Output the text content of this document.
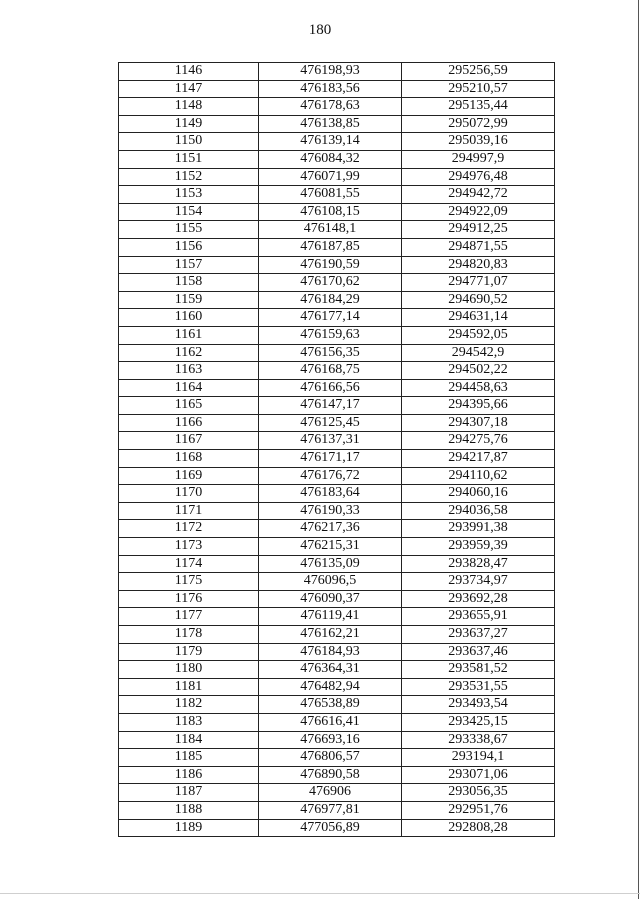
180
1146	476198,93	295256,59
1147	476183,56	295210,57
1148	476178,63	295135,44
1149	476138,85	295072,99
1150	476139,14	295039,16
1151	476084,32	294997,9
1152	476071,99	294976,48
1153	476081,55	294942,72
1154	476108,15	294922,09
1155	476148,1	294912,25
1156	476187,85	294871,55
1157	476190,59	294820,83
1158	476170,62	294771,07
1159	476184,29	294690,52
1160	476177,14	294631,14
1161	476159,63	294592,05
1162	476156,35	294542,9
1163	476168,75	294502,22
1164	476166,56	294458,63
1165	476147,17	294395,66
1166	476125,45	294307,18
1167	476137,31	294275,76
1168	476171,17	294217,87
1169	476176,72	294110,62
1170	476183,64	294060,16
1171	476190,33	294036,58
1172	476217,36	293991,38
1173	476215,31	293959,39
1174	476135,09	293828,47
1175	476096,5	293734,97
1176	476090,37	293692,28
1177	476119,41	293655,91
1178	476162,21	293637,27
1179	476184,93	293637,46
1180	476364,31	293581,52
1181	476482,94	293531,55
1182	476538,89	293493,54
1183	476616,41	293425,15
1184	476693,16	293338,67
1185	476806,57	293194,1
1186	476890,58	293071,06
1187	476906	293056,35
1188	476977,81	292951,76
1189	477056,89	292808,28
